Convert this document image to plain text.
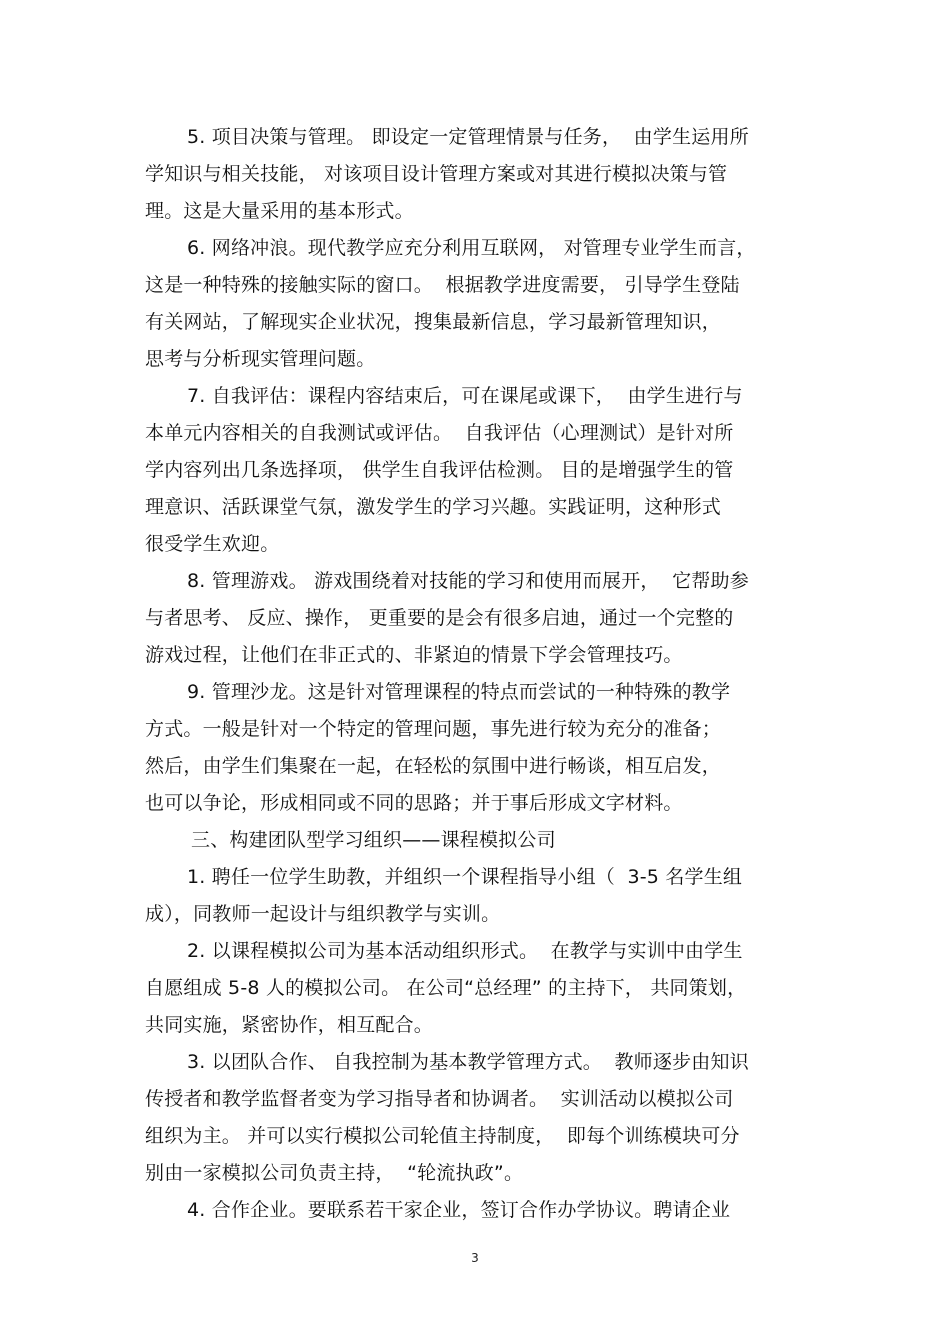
5. 项目决策与管理。 即设定一定管理情景与任务，  由学生运用所
学知识与相关技能， 对该项目设计管理方案或对其进行模拟决策与管
理。这是大量采用的基本形式。
6. 网络冲浪。现代教学应充分利用互联网， 对管理专业学生而言，
这是一种特殊的接触实际的窗口。  根据教学进度需要， 引导学生登陆
有关网站，了解现实企业状况，搜集最新信息，学习最新管理知识，
思考与分析现实管理问题。
7. 自我评估：课程内容结束后，可在课尾或课下，  由学生进行与
本单元内容相关的自我测试或评估。  自我评估（心理测试）是针对所
学内容列出几条选择项， 供学生自我评估检测。 目的是增强学生的管
理意识、活跃课堂气氛，激发学生的学习兴趣。实践证明，这种形式
很受学生欢迎。
8. 管理游戏。 游戏围绕着对技能的学习和使用而展开，  它帮助参
与者思考、 反应、操作， 更重要的是会有很多启迪，通过一个完整的
游戏过程，让他们在非正式的、非紧迫的情景下学会管理技巧。
9. 管理沙龙。这是针对管理课程的特点而尝试的一种特殊的教学
方式。一般是针对一个特定的管理问题，事先进行较为充分的准备；
然后，由学生们集聚在一起，在轻松的氛围中进行畅谈，相互启发，
也可以争论，形成相同或不同的思路；并于事后形成文字材料。
三、构建团队型学习组织——课程模拟公司
1. 聘任一位学生助教，并组织一个课程指导小组（  3-5 名学生组
成），同教师一起设计与组织教学与实训。
2. 以课程模拟公司为基本活动组织形式。  在教学与实训中由学生
自愿组成 5-8 人的模拟公司。 在公司“总经理” 的主持下， 共同策划，
共同实施，紧密协作，相互配合。
3. 以团队合作、 自我控制为基本教学管理方式。  教师逐步由知识
传授者和教学监督者变为学习指导者和协调者。  实训活动以模拟公司
组织为主。 并可以实行模拟公司轮值主持制度，  即每个训练模块可分
别由一家模拟公司负责主持，  “轮流执政”。
4. 合作企业。要联系若干家企业，签订合作办学协议。聘请企业
3
